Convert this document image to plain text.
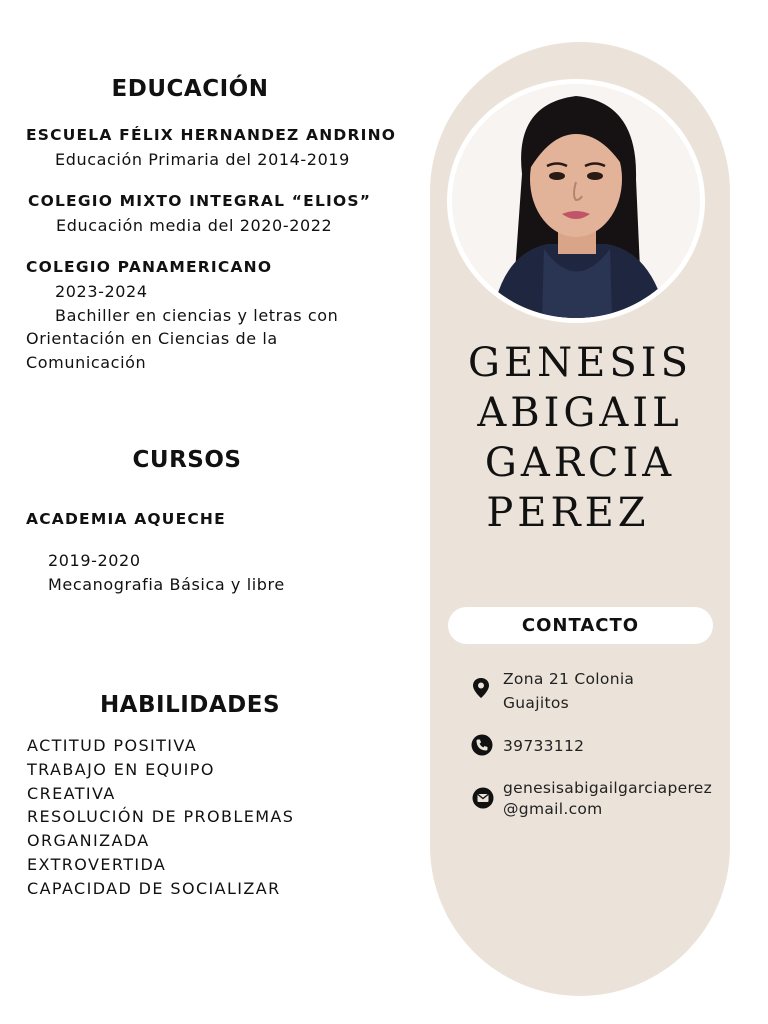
EDUCACIÓN
ESCUELA FÉLIX HERNANDEZ ANDRINO
Educación Primaria del 2014-2019
COLEGIO MIXTO INTEGRAL “ELIOS”
Educación media del 2020-2022
COLEGIO PANAMERICANO
2023-2024
Bachiller en ciencias y letras con
Orientación en Ciencias de la
Comunicación
CURSOS
ACADEMIA AQUECHE
2019-2020
Mecanografia Básica y libre
HABILIDADES
ACTITUD POSITIVA
TRABAJO EN EQUIPO
CREATIVA
RESOLUCIÓN DE PROBLEMAS
ORGANIZADA
EXTROVERTIDA
CAPACIDAD DE SOCIALIZAR
GENESIS
ABIGAIL
GARCIA
PEREZ
CONTACTO
Zona 21 Colonia
Guajitos
39733112
genesisabigailgarciaperez
@gmail.com
